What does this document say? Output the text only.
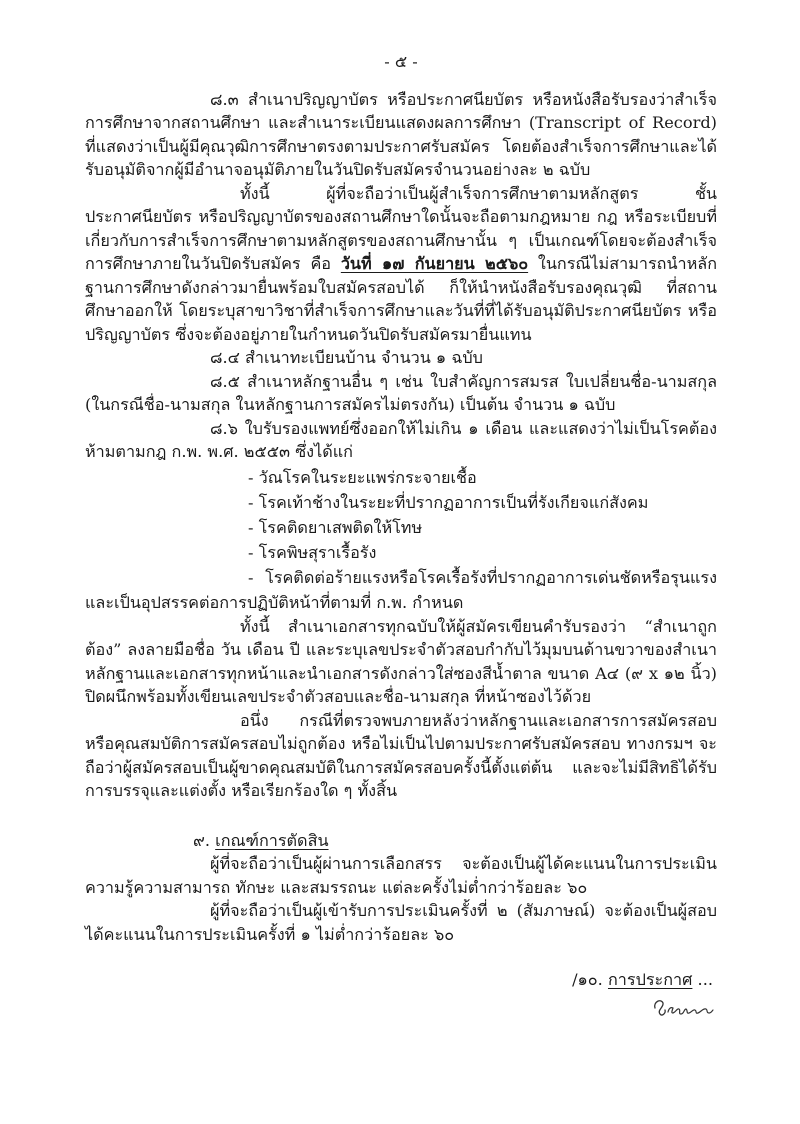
- ๕ -

๘.๓ สำเนาปริญญาบัตร หรือประกาศนียบัตร หรือหนังสือรับรองว่าสำเร็จการศึกษาจากสถานศึกษา และสำเนาระเบียนแสดงผลการศึกษา (Transcript of Record) ที่แสดงว่าเป็นผู้มีคุณวุฒิการศึกษาตรงตามประกาศรับสมัคร โดยต้องสำเร็จการศึกษาและได้รับอนุมัติจากผู้มีอำนาจอนุมัติภายในวันปิดรับสมัครจำนวนอย่างละ ๒ ฉบับ

ทั้งนี้ ผู้ที่จะถือว่าเป็นผู้สำเร็จการศึกษาตามหลักสูตร ชั้นประกาศนียบัตร หรือปริญญาบัตรของสถานศึกษาใดนั้นจะถือตามกฎหมาย กฎ หรือระเบียบที่เกี่ยวกับการสำเร็จการศึกษาตามหลักสูตรของสถานศึกษานั้น ๆ เป็นเกณฑ์โดยจะต้องสำเร็จการศึกษาภายในวันปิดรับสมัคร คือ วันที่ ๑๗ กันยายน ๒๕๖๐ ในกรณีไม่สามารถนำหลักฐานการศึกษาดังกล่าวมายื่นพร้อมใบสมัครสอบได้ ก็ให้นำหนังสือรับรองคุณวุฒิ ที่สถานศึกษาออกให้ โดยระบุสาขาวิชาที่สำเร็จการศึกษาและวันที่ที่ได้รับอนุมัติประกาศนียบัตร หรือปริญญาบัตร ซึ่งจะต้องอยู่ภายในกำหนดวันปิดรับสมัครมายื่นแทน

๘.๔ สำเนาทะเบียนบ้าน จำนวน ๑ ฉบับ

๘.๕ สำเนาหลักฐานอื่น ๆ เช่น ใบสำคัญการสมรส ใบเปลี่ยนชื่อ-นามสกุล (ในกรณีชื่อ-นามสกุล ในหลักฐานการสมัครไม่ตรงกัน) เป็นต้น จำนวน ๑ ฉบับ

๘.๖ ใบรับรองแพทย์ซึ่งออกให้ไม่เกิน ๑ เดือน และแสดงว่าไม่เป็นโรคต้องห้ามตามกฎ ก.พ. พ.ศ. ๒๕๕๓ ซึ่งได้แก่

- วัณโรคในระยะแพร่กระจายเชื้อ

- โรคเท้าช้างในระยะที่ปรากฏอาการเป็นที่รังเกียจแก่สังคม

- โรคติดยาเสพติดให้โทษ

- โรคพิษสุราเรื้อรัง

- โรคติดต่อร้ายแรงหรือโรคเรื้อรังที่ปรากฏอาการเด่นชัดหรือรุนแรงและเป็นอุปสรรคต่อการปฏิบัติหน้าที่ตามที่ ก.พ. กำหนด

ทั้งนี้ สำเนาเอกสารทุกฉบับให้ผู้สมัครเขียนคำรับรองว่า “สำเนาถูกต้อง” ลงลายมือชื่อ วัน เดือน ปี และระบุเลขประจำตัวสอบกำกับไว้มุมบนด้านขวาของสำเนาหลักฐานและเอกสารทุกหน้าและนำเอกสารดังกล่าวใส่ซองสีน้ำตาล ขนาด A๔ (๙ x ๑๒ นิ้ว) ปิดผนึกพร้อมทั้งเขียนเลขประจำตัวสอบและชื่อ-นามสกุล ที่หน้าซองไว้ด้วย

อนึ่ง กรณีที่ตรวจพบภายหลังว่าหลักฐานและเอกสารการสมัครสอบ หรือคุณสมบัติการสมัครสอบไม่ถูกต้อง หรือไม่เป็นไปตามประกาศรับสมัครสอบ ทางกรมฯ จะถือว่าผู้สมัครสอบเป็นผู้ขาดคุณสมบัติในการสมัครสอบครั้งนี้ตั้งแต่ต้น และจะไม่มีสิทธิได้รับการบรรจุและแต่งตั้ง หรือเรียกร้องใด ๆ ทั้งสิ้น

๙. เกณฑ์การตัดสิน

ผู้ที่จะถือว่าเป็นผู้ผ่านการเลือกสรร จะต้องเป็นผู้ได้คะแนนในการประเมินความรู้ความสามารถ ทักษะ และสมรรถนะ แต่ละครั้งไม่ต่ำกว่าร้อยละ ๖๐

ผู้ที่จะถือว่าเป็นผู้เข้ารับการประเมินครั้งที่ ๒ (สัมภาษณ์) จะต้องเป็นผู้สอบได้คะแนนในการประเมินครั้งที่ ๑ ไม่ต่ำกว่าร้อยละ ๖๐

/๑๐. การประกาศ ...
